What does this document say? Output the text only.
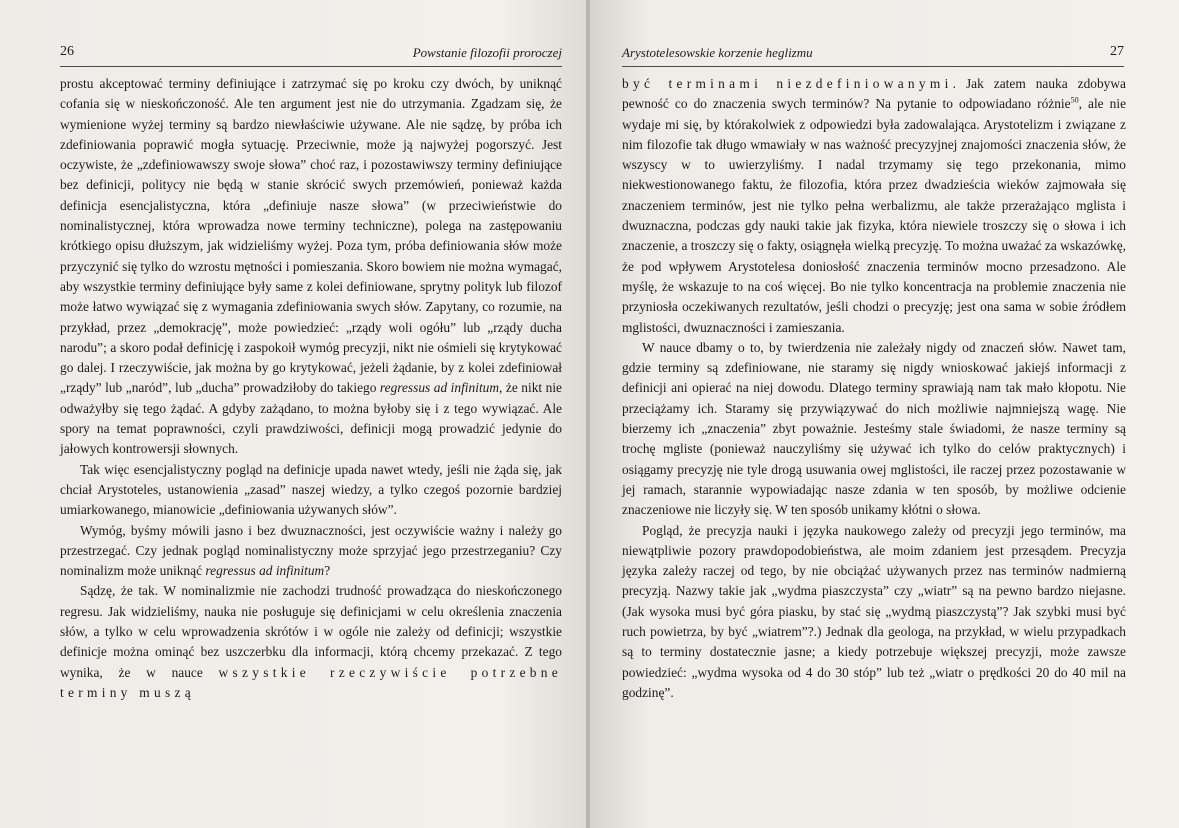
26	Powstanie filozofii proroczej

prostu akceptować terminy definiujące i zatrzymać się po kroku czy dwóch, by uniknąć cofania się w nieskończoność. Ale ten argument jest nie do utrzymania. Zgadzam się, że wymienione wyżej terminy są bardzo niewłaściwie używane. Ale nie sądzę, by próba ich zdefiniowania poprawić mogła sytuację. Przeciwnie, może ją najwyżej pogorszyć. Jest oczywiste, że „zdefiniowawszy swoje słowa” choć raz, i pozostawiwszy terminy definiujące bez definicji, politycy nie będą w stanie skrócić swych przemówień, ponieważ każda definicja esencjalistyczna, która „definiuje nasze słowa” (w przeciwieństwie do nominalistycznej, która wprowadza nowe terminy techniczne), polega na zastępowaniu krótkiego opisu dłuższym, jak widzieliśmy wyżej. Poza tym, próba definiowania słów może przyczynić się tylko do wzrostu mętności i pomieszania. Skoro bowiem nie można wymagać, aby wszystkie terminy definiujące były same z kolei definiowane, sprytny polityk lub filozof może łatwo wywiązać się z wymagania zdefiniowania swych słów. Zapytany, co rozumie, na przykład, przez „demokrację”, może powiedzieć: „rządy woli ogółu” lub „rządy ducha narodu”; a skoro podał definicję i zaspokoił wymóg precyzji, nikt nie ośmieli się krytykować go dalej. I rzeczywiście, jak można by go krytykować, jeżeli żądanie, by z kolei zdefiniował „rządy” lub „naród”, lub „ducha” prowadziłoby do takiego regressus ad infinitum, że nikt nie odważyłby się tego żądać. A gdyby zażądano, to można byłoby się i z tego wywiązać. Ale spory na temat poprawności, czyli prawdziwości, definicji mogą prowadzić jedynie do jałowych kontrowersji słownych.

Tak więc esencjalistyczny pogląd na definicje upada nawet wtedy, jeśli nie żąda się, jak chciał Arystoteles, ustanowienia „zasad” naszej wiedzy, a tylko czegoś pozornie bardziej umiarkowanego, mianowicie „definiowania używanych słów”.

Wymóg, byśmy mówili jasno i bez dwuznaczności, jest oczywiście ważny i należy go przestrzegać. Czy jednak pogląd nominalistyczny może sprzyjać jego przestrzeganiu? Czy nominalizm może uniknąć regressus ad infinitum?

Sądzę, że tak. W nominalizmie nie zachodzi trudność prowadząca do nieskończonego regresu. Jak widzieliśmy, nauka nie posługuje się definicjami w celu określenia znaczenia słów, a tylko w celu wprowadzenia skrótów i w ogóle nie zależy od definicji; wszystkie definicje można ominąć bez uszczerbku dla informacji, którą chcemy przekazać. Z tego wynika, że w nauce wszystkie rzeczywiście potrzebne terminy muszą

Arystotelesowskie korzenie heglizmu	27

być terminami niezdefiniowanymi. Jak zatem nauka zdobywa pewność co do znaczenia swych terminów? Na pytanie to odpowiadano różnie$^{50}$, ale nie wydaje mi się, by którakolwiek z odpowiedzi była zadowalająca. Arystotelizm i związane z nim filozofie tak długo wmawiały w nas ważność precyzyjnej znajomości znaczenia słów, że wszyscy w to uwierzyliśmy. I nadal trzymamy się tego przekonania, mimo niekwestionowanego faktu, że filozofia, która przez dwadzieścia wieków zajmowała się znaczeniem terminów, jest nie tylko pełna werbalizmu, ale także przerażająco mglista i dwuznaczna, podczas gdy nauki takie jak fizyka, która niewiele troszczy się o słowa i ich znaczenie, a troszczy się o fakty, osiągnęła wielką precyzję. To można uważać za wskazówkę, że pod wpływem Arystotelesa doniosłość znaczenia terminów mocno przesadzono. Ale myślę, że wskazuje to na coś więcej. Bo nie tylko koncentracja na problemie znaczenia nie przyniosła oczekiwanych rezultatów, jeśli chodzi o precyzję; jest ona sama w sobie źródłem mglistości, dwuznaczności i zamieszania.

W nauce dbamy o to, by twierdzenia nie zależały nigdy od znaczeń słów. Nawet tam, gdzie terminy są zdefiniowane, nie staramy się nigdy wnioskować jakiejś informacji z definicji ani opierać na niej dowodu. Dlatego terminy sprawiają nam tak mało kłopotu. Nie przeciążamy ich. Staramy się przywiązywać do nich możliwie najmniejszą wagę. Nie bierzemy ich „znaczenia” zbyt poważnie. Jesteśmy stale świadomi, że nasze terminy są trochę mgliste (ponieważ nauczyliśmy się używać ich tylko do celów praktycznych) i osiągamy precyzję nie tyle drogą usuwania owej mglistości, ile raczej przez pozostawanie w jej ramach, starannie wypowiadając nasze zdania w ten sposób, by możliwe odcienie znaczeniowe nie liczyły się. W ten sposób unikamy kłótni o słowa.

Pogląd, że precyzja nauki i języka naukowego zależy od precyzji jego terminów, ma niewątpliwie pozory prawdopodobieństwa, ale moim zdaniem jest przesądem. Precyzja języka zależy raczej od tego, by nie obciążać używanych przez nas terminów nadmierną precyzją. Nazwy takie jak „wydma piaszczysta” czy „wiatr” są na pewno bardzo niejasne. (Jak wysoka musi być góra piasku, by stać się „wydmą piaszczystą”? Jak szybki musi być ruch powietrza, by być „wiatrem”?.) Jednak dla geologa, na przykład, w wielu przypadkach są to terminy dostatecznie jasne; a kiedy potrzebuje większej precyzji, może zawsze powiedzieć: „wydma wysoka od 4 do 30 stóp” lub też „wiatr o prędkości 20 do 40 mil na godzinę”.
